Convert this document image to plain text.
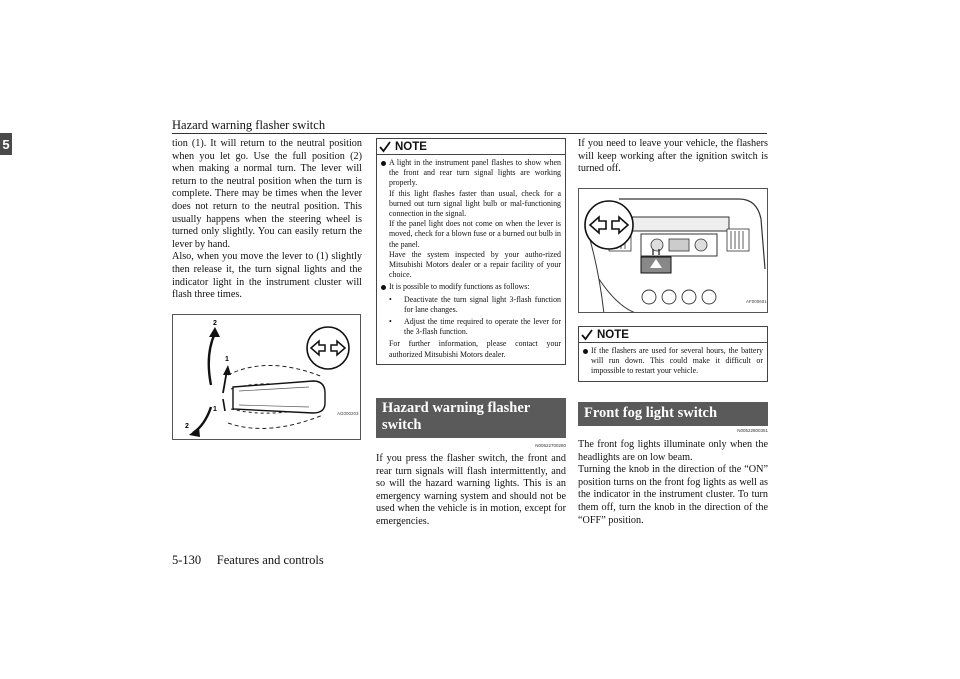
Hazard warning flasher switch
5	tion (1). It will return to the neutral position when you let go. Use the full position (2) when making a normal turn. The lever will return to the neutral position when the turn is complete. There may be times when the lever does not return to the neutral position. This usually happens when the steering wheel is turned only slightly. You can easily return the lever by hand.

Also, when you move the lever to (1) slightly then release it, the turn signal lights and the indicator light in the instrument cluster will flash three times.

2
2
1
1
AG000203
NOTE
A light in the instrument panel flashes to show when the front and rear turn signal lights are working properly.
If this light flashes faster than usual, check for a burned out turn signal light bulb or mal-functioning connection in the signal.
If the panel light does not come on when the lever is moved, check for a blown fuse or a burned out bulb in the panel.
Have the system inspected by your autho-rized Mitsubishi Motors dealer or a repair facility of your choice.
It is possible to modify functions as follows:
• Deactivate the turn signal light 3-flash function for lane changes.
• Adjust the time required to operate the lever for the 3-flash function.
For further information, please contact your authorized Mitsubishi Motors dealer.
Hazard warning flasher switch
N00522700280
If you press the flasher switch, the front and rear turn signals will flash intermittently, and so will the hazard warning lights. This is an emergency warning system and should not be used when the vehicle is in motion, except for emergencies.
If you need to leave your vehicle, the flashers will keep working after the ignition switch is turned off.
AF000601
NOTE
If the flashers are used for several hours, the battery will run down. This could make it difficult or impossible to restart your vehicle.
Front fog light switch
N00522800351

The front fog lights illuminate only when the headlights are on low beam.

Turning the knob in the direction of the “ON” position turns on the front fog lights as well as the indicator in the instrument cluster. To turn them off, turn the knob in the direction of the “OFF” position.

5-130 Features and controls
